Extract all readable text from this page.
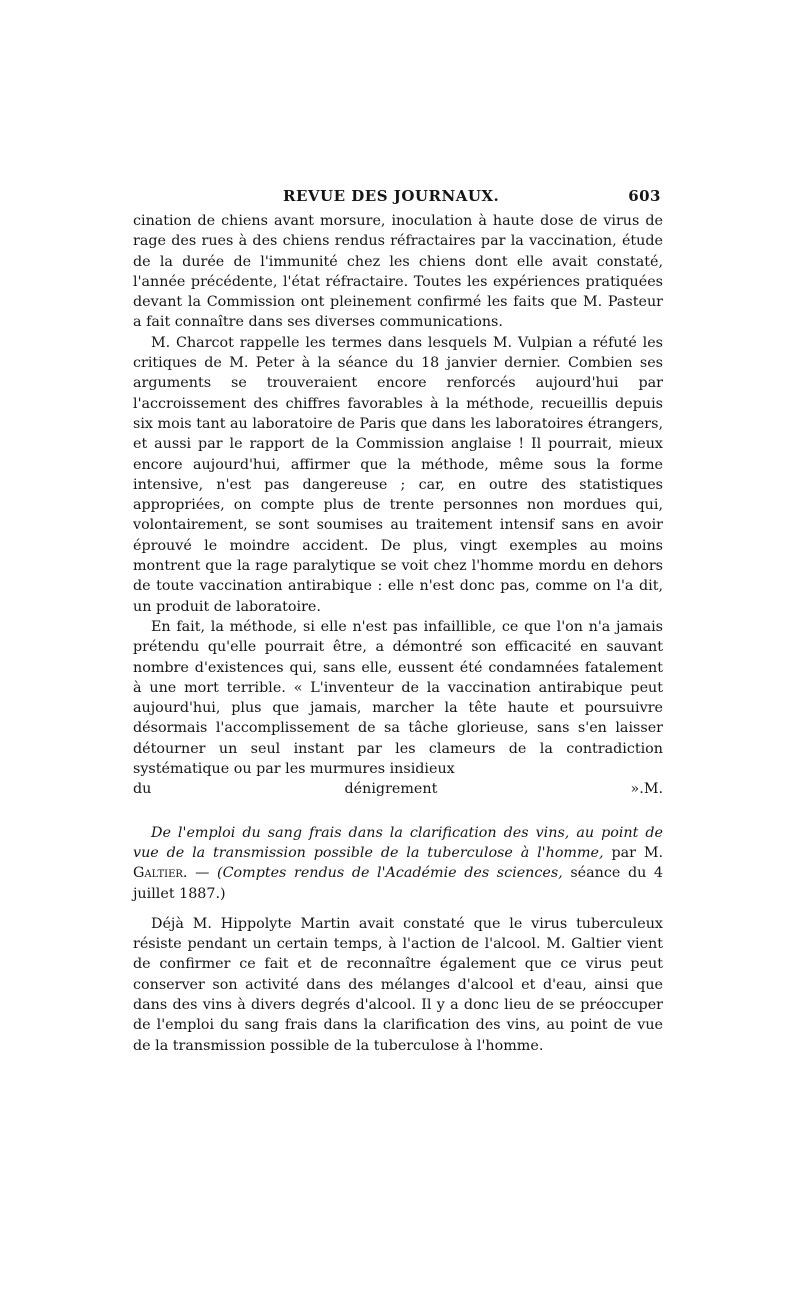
REVUE DES JOURNAUX.	603

cination de chiens avant morsure, inoculation à haute dose de virus de rage des rues à des chiens rendus réfractaires par la vaccination, étude de la durée de l'immunité chez les chiens dont elle avait constaté, l'année précédente, l'état réfractaire. Toutes les expériences pratiquées devant la Commission ont pleinement confirmé les faits que M. Pasteur a fait connaître dans ses diverses communications.

M. Charcot rappelle les termes dans lesquels M. Vulpian a réfuté les critiques de M. Peter à la séance du 18 janvier dernier. Combien ses arguments se trouveraient encore renforcés aujourd'hui par l'accroissement des chiffres favorables à la méthode, recueillis depuis six mois tant au laboratoire de Paris que dans les laboratoires étrangers, et aussi par le rapport de la Commission anglaise ! Il pourrait, mieux encore aujourd'hui, affirmer que la méthode, même sous la forme intensive, n'est pas dangereuse ; car, en outre des statistiques appropriées, on compte plus de trente personnes non mordues qui, volontairement, se sont soumises au traitement intensif sans en avoir éprouvé le moindre accident. De plus, vingt exemples au moins montrent que la rage paralytique se voit chez l'homme mordu en dehors de toute vaccination antirabique : elle n'est donc pas, comme on l'a dit, un produit de laboratoire.

En fait, la méthode, si elle n'est pas infaillible, ce que l'on n'a jamais prétendu qu'elle pourrait être, a démontré son efficacité en sauvant nombre d'existences qui, sans elle, eussent été condamnées fatalement à une mort terrible. « L'inventeur de la vaccination antirabique peut aujourd'hui, plus que jamais, marcher la tête haute et poursuivre désormais l'accomplissement de sa tâche glorieuse, sans s'en laisser détourner un seul instant par les clameurs de la contradiction systématique ou par les murmures insidieux

du dénigrement ».M.

De l'emploi du sang frais dans la clarification des vins, au point de vue de la transmission possible de la tuberculose à l'homme, par M. Galtier. — (Comptes rendus de l'Académie des sciences, séance du 4 juillet 1887.)

Déjà M. Hippolyte Martin avait constaté que le virus tuberculeux résiste pendant un certain temps, à l'action de l'alcool. M. Galtier vient de confirmer ce fait et de reconnaître également que ce virus peut conserver son activité dans des mélanges d'alcool et d'eau, ainsi que dans des vins à divers degrés d'alcool. Il y a donc lieu de se préoccuper de l'emploi du sang frais dans la clarification des vins, au point de vue de la transmission possible de la tuberculose à l'homme.
